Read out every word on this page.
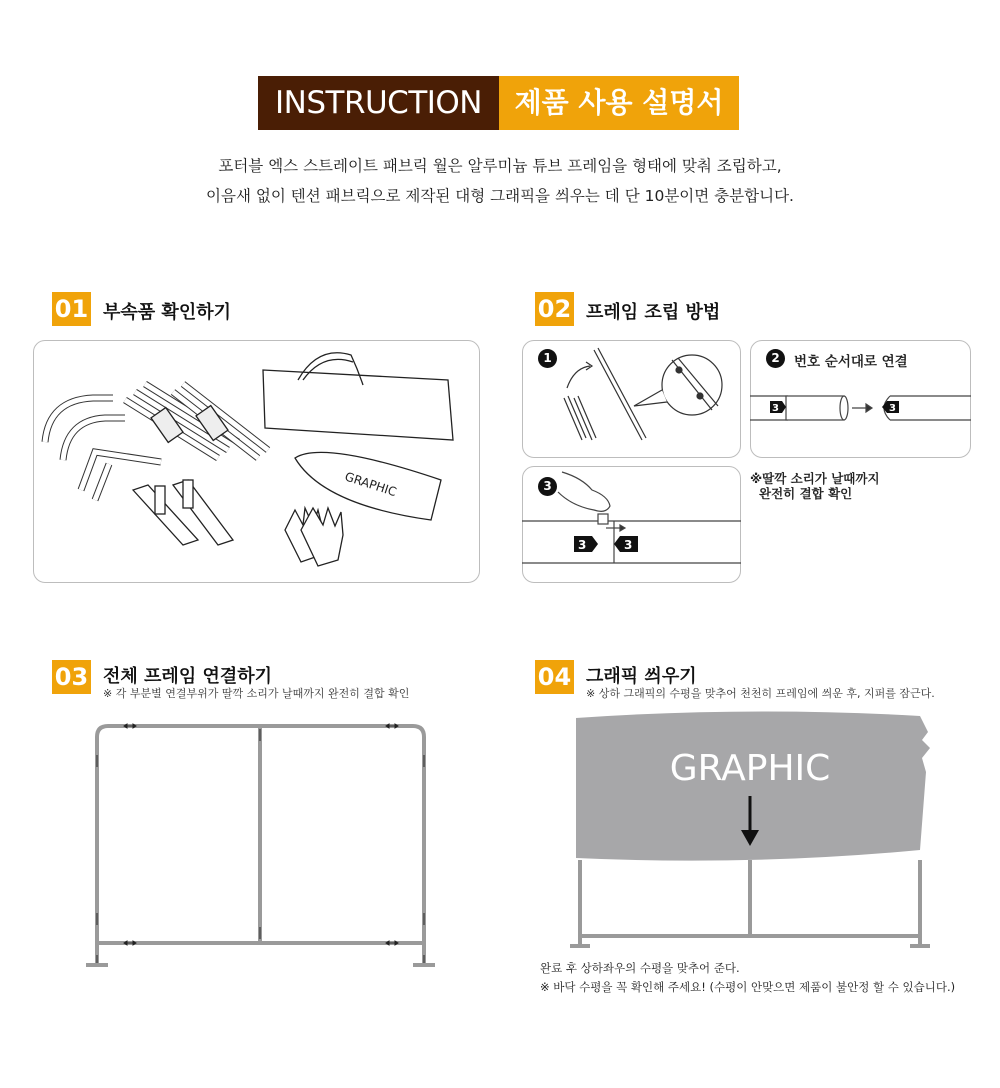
INSTRUCTION	제품 사용 설명서
포터블 엑스 스트레이트 패브릭 월은 알루미늄 튜브 프레임을 형태에 맞춰 조립하고,
이음새 없이 텐션 패브릭으로 제작된 대형 그래픽을 씌우는 데 단 10분이면 충분합니다.
01 부속품 확인하기
GRAPHIC
02 프레임 조립 방법
1	2	번호 순서대로 연결
3	3
3
3	3
※딸깍 소리가 날때까지
완전히 결합 확인
03 전체 프레임 연결하기
※ 각 부분별 연결부위가 딸깍 소리가 날때까지 완전히 결합 확인
04 그래픽 씌우기
※ 상하 그래픽의 수평을 맞추어 천천히 프레임에 씌운 후, 지퍼를 잠근다.
GRAPHIC
완료 후 상하좌우의 수평을 맞추어 준다.
※ 바닥 수평을 꼭 확인해 주세요! (수평이 안맞으면 제품이 불안정 할 수 있습니다.)
